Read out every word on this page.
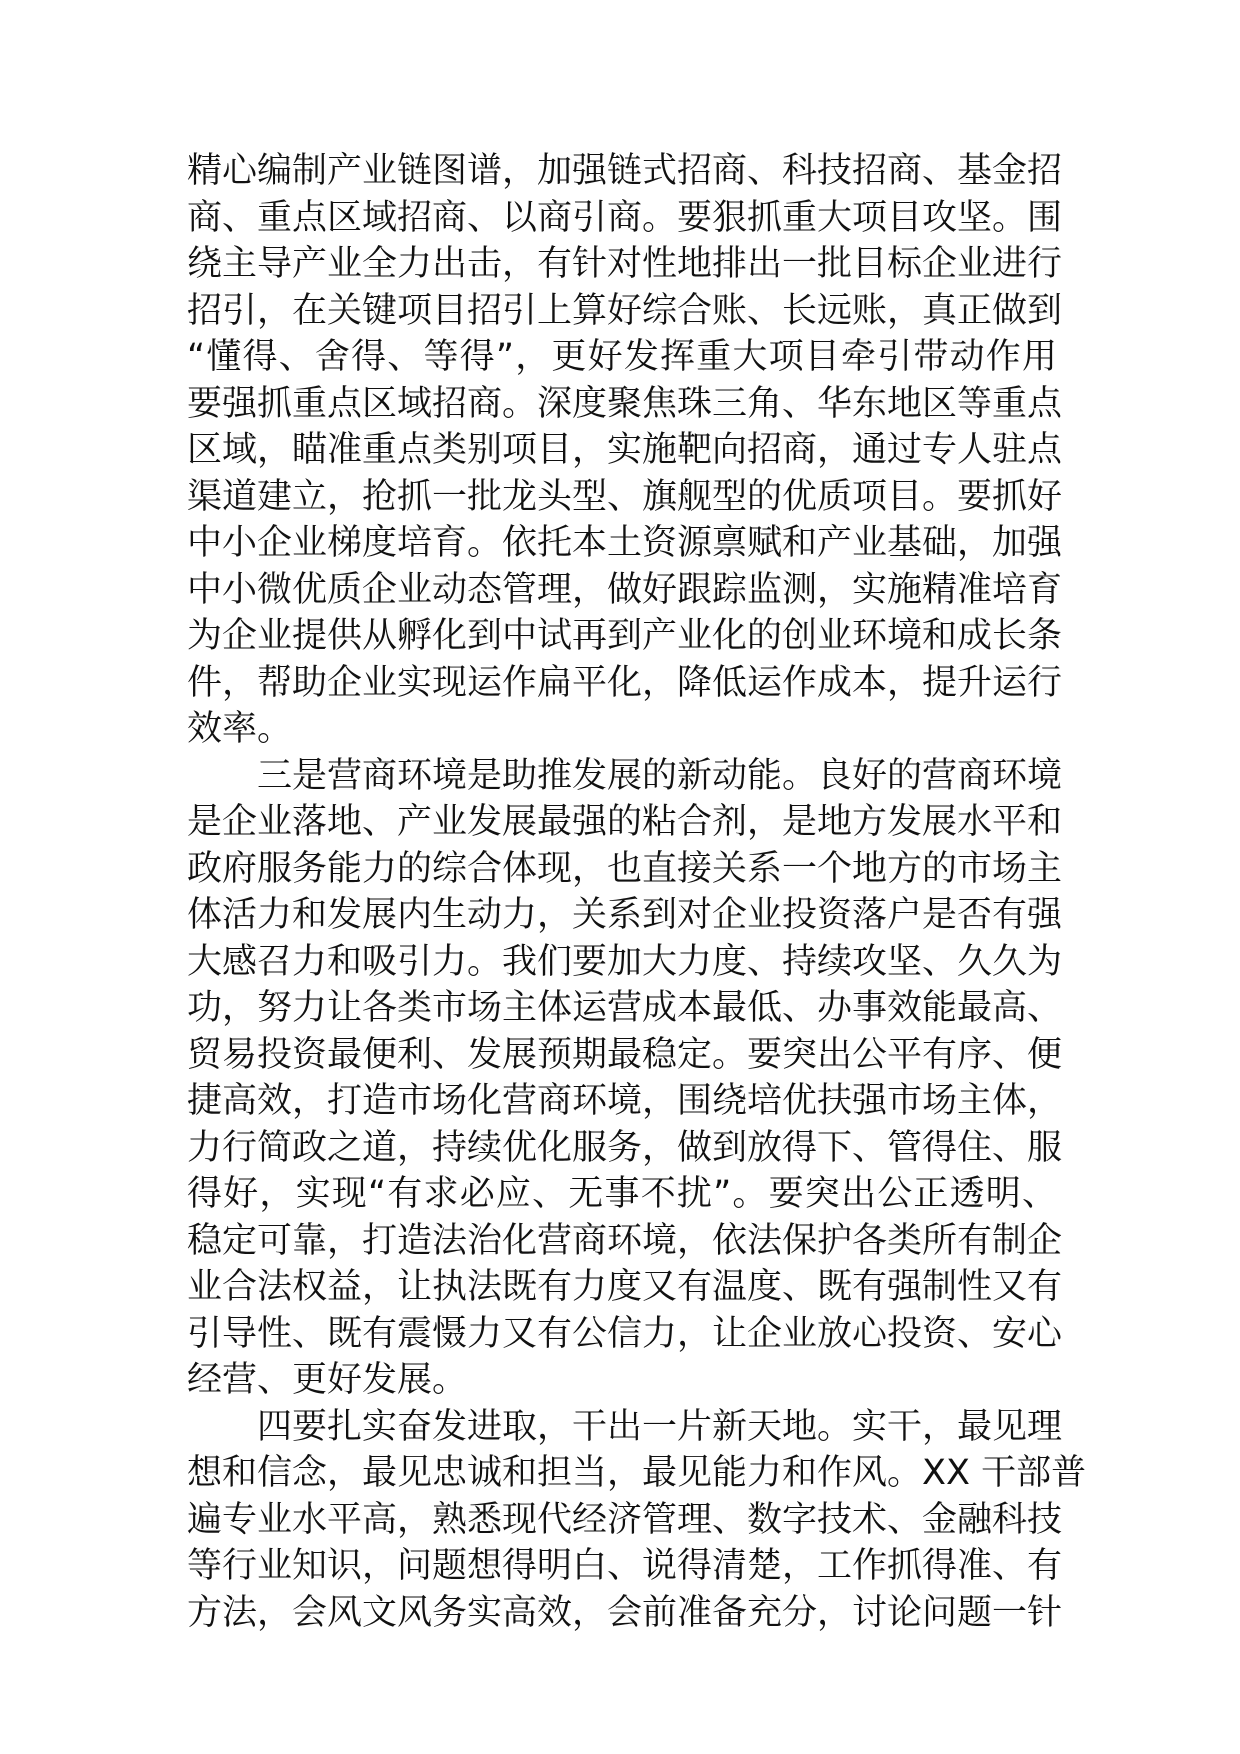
精心编制产业链图谱，加强链式招商、科技招商、基金招
商、重点区域招商、以商引商。要狠抓重大项目攻坚。围
绕主导产业全力出击，有针对性地排出一批目标企业进行
招引，在关键项目招引上算好综合账、长远账，真正做到
“懂得、舍得、等得”，更好发挥重大项目牵引带动作用
要强抓重点区域招商。深度聚焦珠三角、华东地区等重点
区域，瞄准重点类别项目，实施靶向招商，通过专人驻点
渠道建立，抢抓一批龙头型、旗舰型的优质项目。要抓好
中小企业梯度培育。依托本土资源禀赋和产业基础，加强
中小微优质企业动态管理，做好跟踪监测，实施精准培育
为企业提供从孵化到中试再到产业化的创业环境和成长条
件，帮助企业实现运作扁平化，降低运作成本，提升运行
效率。
三是营商环境是助推发展的新动能。良好的营商环境
是企业落地、产业发展最强的粘合剂，是地方发展水平和
政府服务能力的综合体现，也直接关系一个地方的市场主
体活力和发展内生动力，关系到对企业投资落户是否有强
大感召力和吸引力。我们要加大力度、持续攻坚、久久为
功，努力让各类市场主体运营成本最低、办事效能最高、
贸易投资最便利、发展预期最稳定。要突出公平有序、便
捷高效，打造市场化营商环境，围绕培优扶强市场主体，
力行简政之道，持续优化服务，做到放得下、管得住、服
得好，实现“有求必应、无事不扰”。要突出公正透明、
稳定可靠，打造法治化营商环境，依法保护各类所有制企
业合法权益，让执法既有力度又有温度、既有强制性又有
引导性、既有震慑力又有公信力，让企业放心投资、安心
经营、更好发展。
四要扎实奋发进取，干出一片新天地。实干，最见理
想和信念，最见忠诚和担当，最见能力和作风。XX 干部普
遍专业水平高，熟悉现代经济管理、数字技术、金融科技
等行业知识，问题想得明白、说得清楚，工作抓得准、有
方法，会风文风务实高效，会前准备充分，讨论问题一针
